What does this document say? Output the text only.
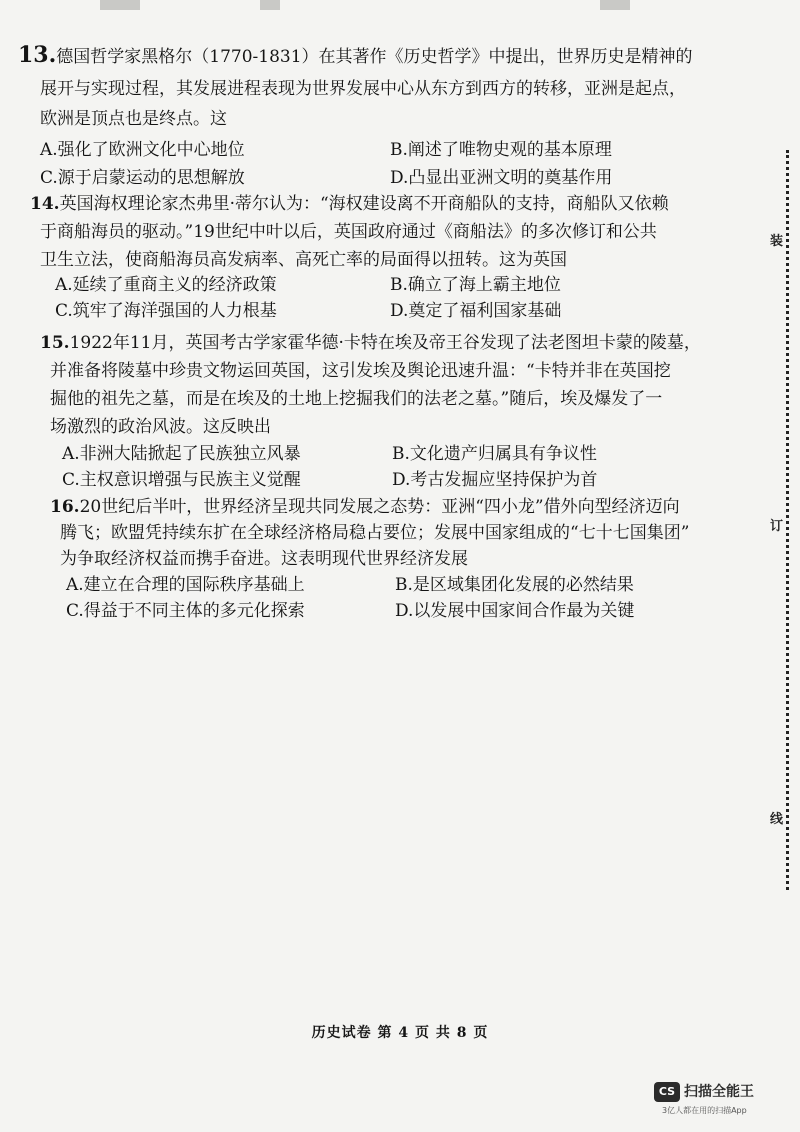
13.德国哲学家黑格尔（1770-1831）在其著作《历史哲学》中提出，世界历史是精神的
展开与实现过程，其发展进程表现为世界发展中心从东方到西方的转移，亚洲是起点，
欧洲是顶点也是终点。这
A.强化了欧洲文化中心地位	B.阐述了唯物史观的基本原理
C.源于启蒙运动的思想解放	D.凸显出亚洲文明的奠基作用
14.英国海权理论家杰弗里·蒂尔认为：“海权建设离不开商船队的支持，商船队又依赖
于商船海员的驱动。”19世纪中叶以后，英国政府通过《商船法》的多次修订和公共
卫生立法，使商船海员高发病率、高死亡率的局面得以扭转。这为英国
A.延续了重商主义的经济政策	B.确立了海上霸主地位
C.筑牢了海洋强国的人力根基	D.奠定了福利国家基础
15.1922年11月，英国考古学家霍华德·卡特在埃及帝王谷发现了法老图坦卡蒙的陵墓，
并准备将陵墓中珍贵文物运回英国，这引发埃及舆论迅速升温：“卡特并非在英国挖
掘他的祖先之墓，而是在埃及的土地上挖掘我们的法老之墓。”随后，埃及爆发了一
场激烈的政治风波。这反映出
A.非洲大陆掀起了民族独立风暴	B.文化遗产归属具有争议性
C.主权意识增强与民族主义觉醒	D.考古发掘应坚持保护为首
16.20世纪后半叶，世界经济呈现共同发展之态势：亚洲“四小龙”借外向型经济迈向
腾飞；欧盟凭持续东扩在全球经济格局稳占要位；发展中国家组成的“七十七国集团”
为争取经济权益而携手奋进。这表明现代世界经济发展
A.建立在合理的国际秩序基础上	B.是区域集团化发展的必然结果
C.得益于不同主体的多元化探索	D.以发展中国家间合作最为关键
装
订
线
历史试卷 第 4 页 共 8 页
CS 扫描全能王
3亿人都在用的扫描App
